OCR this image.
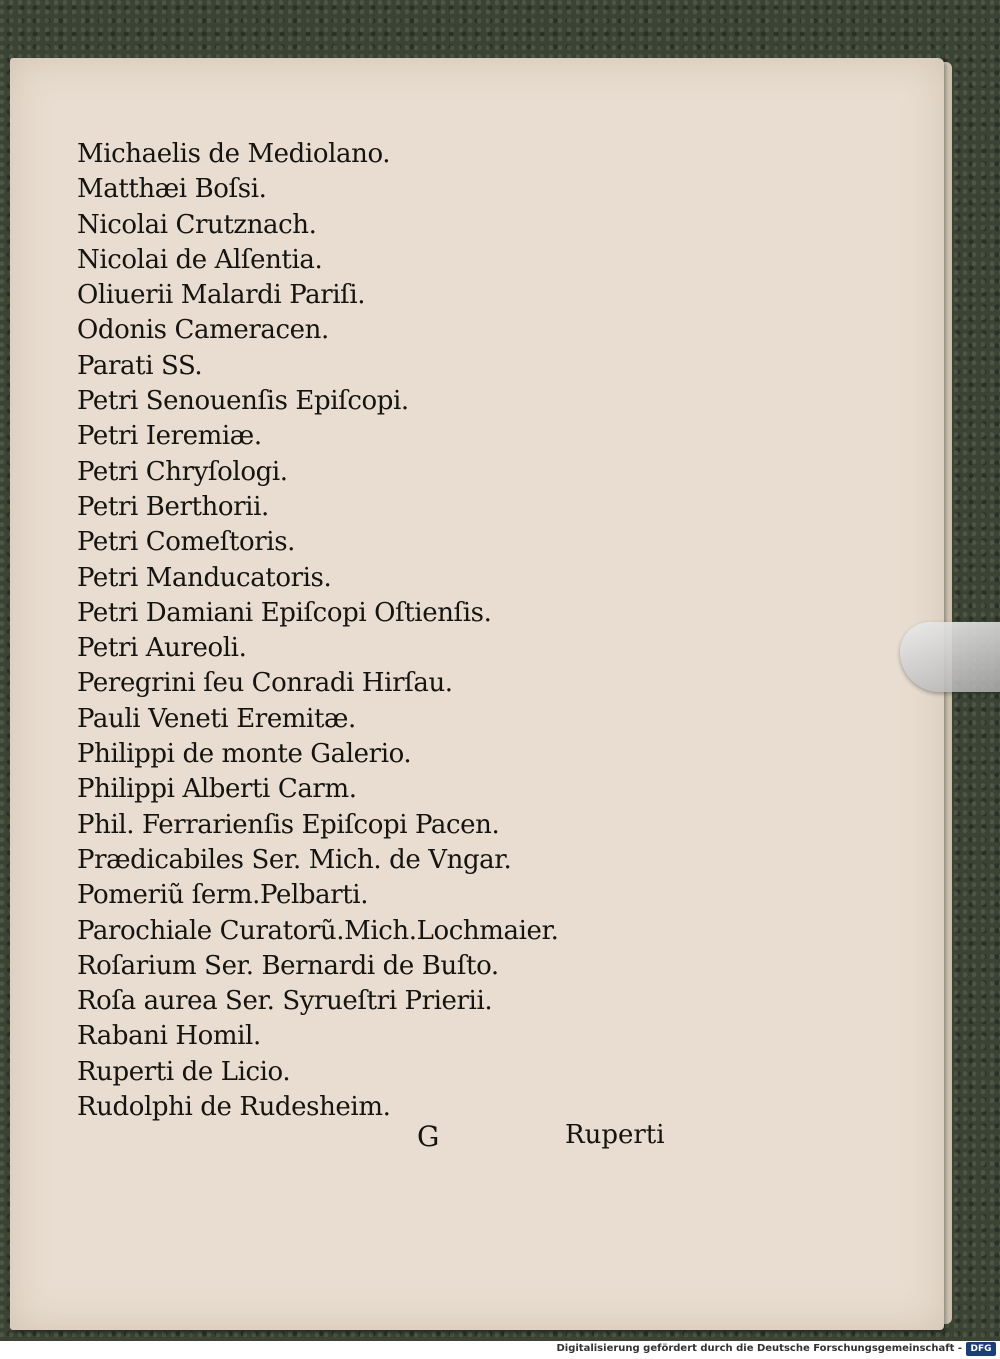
Michaelis de Mediolano.
Matthæi Boſsi.
Nicolai Crutznach.
Nicolai de Alſentia.
Oliuerii Malardi Pariſi.
Odonis Cameracen.
Parati SS.
Petri Senouenſis Epiſcopi.
Petri Ieremiæ.
Petri Chryſologi.
Petri Berthorii.
Petri Comeſtoris.
Petri Manducatoris.
Petri Damiani Epiſcopi Oſtienſis.
Petri Aureoli.
Peregrini ſeu Conradi Hirſau.
Pauli Veneti Eremitæ.
Philippi de monte Galerio.
Philippi Alberti Carm.
Phil. Ferrarienſis Epiſcopi Pacen.
Prædicabiles Ser. Mich. de Vngar.
Pomeriũ ſerm.Pelbarti.
Parochiale Curatorũ.Mich.Lochmaier.
Roſarium Ser. Bernardi de Buſto.
Roſa aurea Ser. Syrueſtri Prierii.
Rabani Homil.
Ruperti de Licio.
Rudolphi de Rudesheim.
G	Ruperti
Digitalisierung gefördert durch die Deutsche Forschungsgemeinschaft - DFG
